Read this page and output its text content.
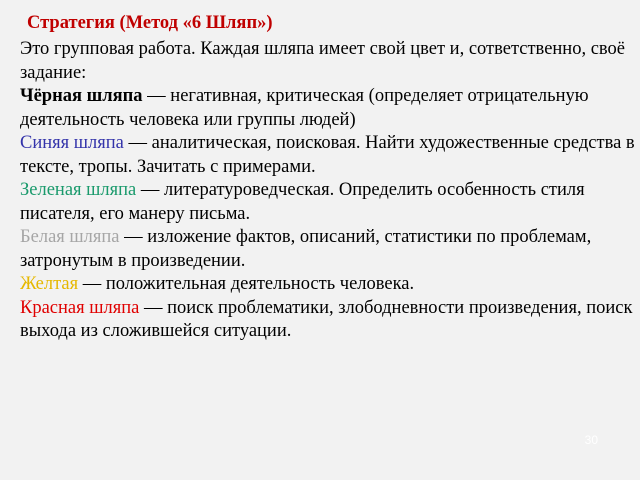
Стратегия (Метод «6 Шляп»)

Это групповая работа. Каждая шляпа имеет свой цвет и, сответственно, своё задание:

Чёрная шляпа — негативная, критическая (определяет отрицательную деятельность человека или группы людей)

Синяя шляпа — аналитическая, поисковая. Найти художественные средства в тексте, тропы. Зачитать с примерами.

Зеленая шляпа — литературоведческая. Определить особенность стиля писателя, его манеру письма.

Белая шляпа — изложение фактов, описаний, статистики по проблемам, затронутым в произведении.

Желтая — положительная деятельность человека.

Красная шляпа — поиск проблематики, злободневности произведения, поиск выхода из сложившейся ситуации.

30
